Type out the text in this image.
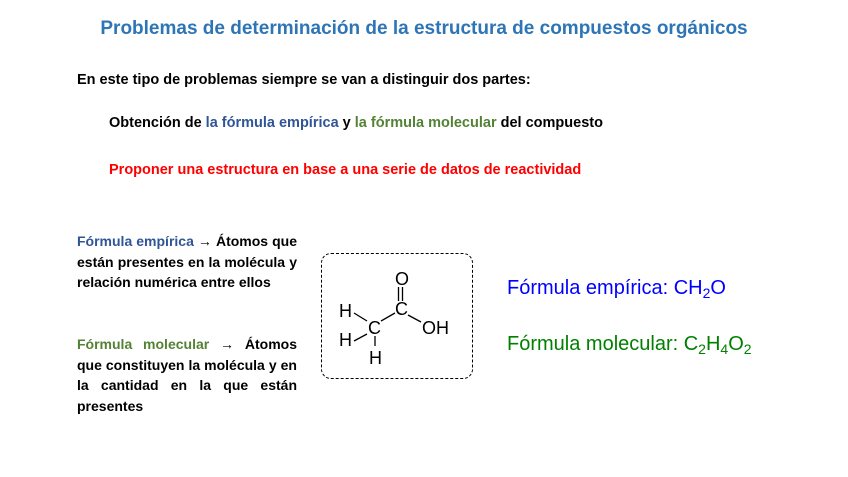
Problemas de determinación de la estructura de compuestos orgánicos
En este tipo de problemas siempre se van a distinguir dos partes:
Obtención de la fórmula empírica y la fórmula molecular del compuesto
Proponer una estructura en base a una serie de datos de reactividad
Fórmula empírica → Átomos que están presentes en la molécula y relación numérica entre ellos
Fórmula molecular → Átomos que constituyen la molécula y en la cantidad en la que están presentes
O
H C
C OH
H
H
Fórmula empírica: $CH_2O$
Fórmula molecular: $C_2H_4O_2$
